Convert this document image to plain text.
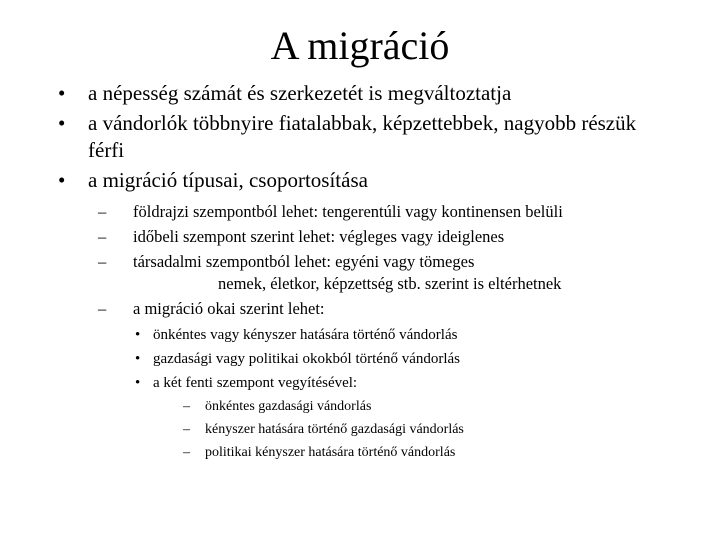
A migráció
• a népesség számát és szerkezetét is megváltoztatja
• a vándorlók többnyire fiatalabbak, képzettebbek, nagyobb részük férfi
• a migráció típusai, csoportosítása
– földrajzi szempontból lehet: tengerentúli vagy kontinensen belüli
– időbeli szempont szerint lehet: végleges vagy ideiglenes
– társadalmi szempontból lehet: egyéni vagy tömeges
nemek, életkor, képzettség stb. szerint is eltérhetnek
– a migráció okai szerint lehet:
• önkéntes vagy kényszer hatására történő vándorlás
• gazdasági vagy politikai okokból történő vándorlás
• a két fenti szempont vegyítésével:
– önkéntes gazdasági vándorlás
– kényszer hatására történő gazdasági vándorlás
– politikai kényszer hatására történő vándorlás
